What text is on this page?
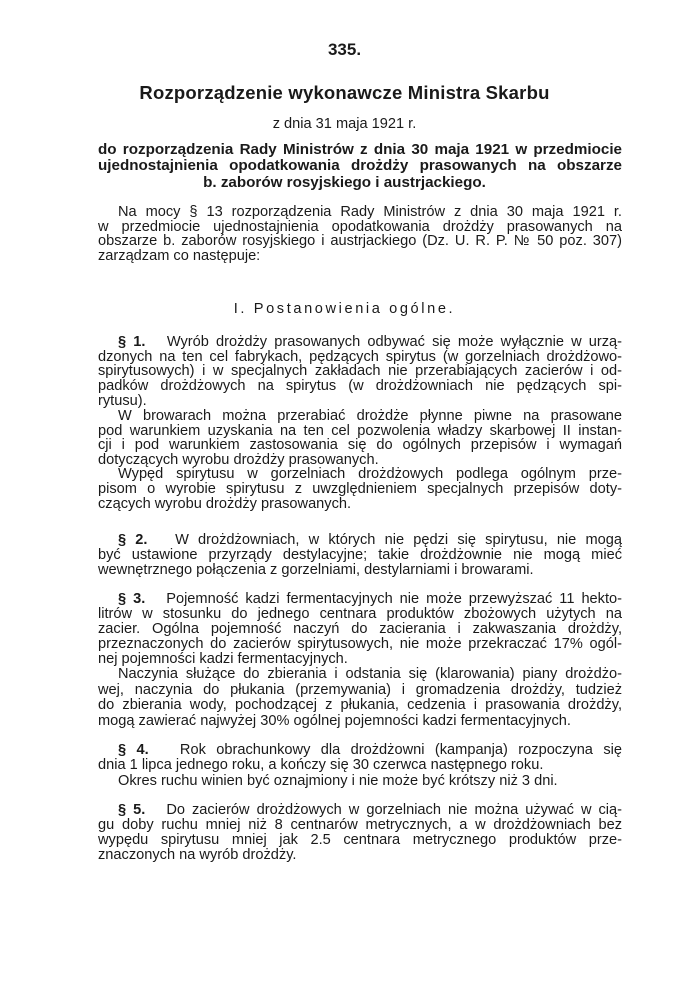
335.
Rozporządzenie wykonawcze Ministra Skarbu
z dnia 31 maja 1921 r.
do rozporządzenia Rady Ministrów z dnia 30 maja 1921 w przedmiocie
ujednostajnienia opodatkowania drożdży prasowanych na obszarze
b. zaborów rosyjskiego i austrjackiego.
Na mocy § 13 rozporządzenia Rady Ministrów z dnia 30 maja 1921 r.
w przedmiocie ujednostajnienia opodatkowania drożdży prasowanych na
obszarze b. zaborów rosyjskiego i austrjackiego (Dz. U. R. P. № 50 poz. 307)
zarządzam co następuje:
I. Postanowienia ogólne.
§ 1.   Wyrób drożdży prasowanych odbywać się może wyłącznie w urzą-
dzonych na ten cel fabrykach, pędzących spirytus (w gorzelniach drożdżowo-
spirytusowych) i w specjalnych zakładach nie przerabiających zacierów i od-
padków drożdżowych na spirytus (w drożdżowniach nie pędzących spi-
rytusu).
W browarach można przerabiać drożdże płynne piwne na prasowane
pod warunkiem uzyskania na ten cel pozwolenia władzy skarbowej II instan-
cji i pod warunkiem zastosowania się do ogólnych przepisów i wymagań
dotyczących wyrobu drożdży prasowanych.
Wypęd spirytusu w gorzelniach drożdżowych podlega ogólnym prze-
pisom o wyrobie spirytusu z uwzględnieniem specjalnych przepisów doty-
czących wyrobu drożdży prasowanych.
§ 2.   W drożdżowniach, w których nie pędzi się spirytusu, nie mogą
być ustawione przyrządy destylacyjne; takie drożdżownie nie mogą mieć
wewnętrznego połączenia z gorzelniami, destylarniami i browarami.
§ 3.   Pojemność kadzi fermentacyjnych nie może przewyższać 11 hekto-
litrów w stosunku do jednego centnara produktów zbożowych użytych na
zacier. Ogólna pojemność naczyń do zacierania i zakwaszania drożdży,
przeznaczonych do zacierów spirytusowych, nie może przekraczać 17% ogól-
nej pojemności kadzi fermentacyjnych.
Naczynia służące do zbierania i odstania się (klarowania) piany drożdżo-
wej, naczynia do płukania (przemywania) i gromadzenia drożdży, tudzież
do zbierania wody, pochodzącej z płukania, cedzenia i prasowania drożdży,
mogą zawierać najwyżej 30% ogólnej pojemności kadzi fermentacyjnych.
§ 4.   Rok obrachunkowy dla drożdżowni (kampanja) rozpoczyna się
dnia 1 lipca jednego roku, a kończy się 30 czerwca następnego roku.
Okres ruchu winien być oznajmiony i nie może być krótszy niż 3 dni.
§ 5.   Do zacierów drożdżowych w gorzelniach nie można używać w cią-
gu doby ruchu mniej niż 8 centnarów metrycznych, a w drożdżowniach bez
wypędu spirytusu mniej jak 2.5 centnara metrycznego produktów prze-
znaczonych na wyrób drożdży.
